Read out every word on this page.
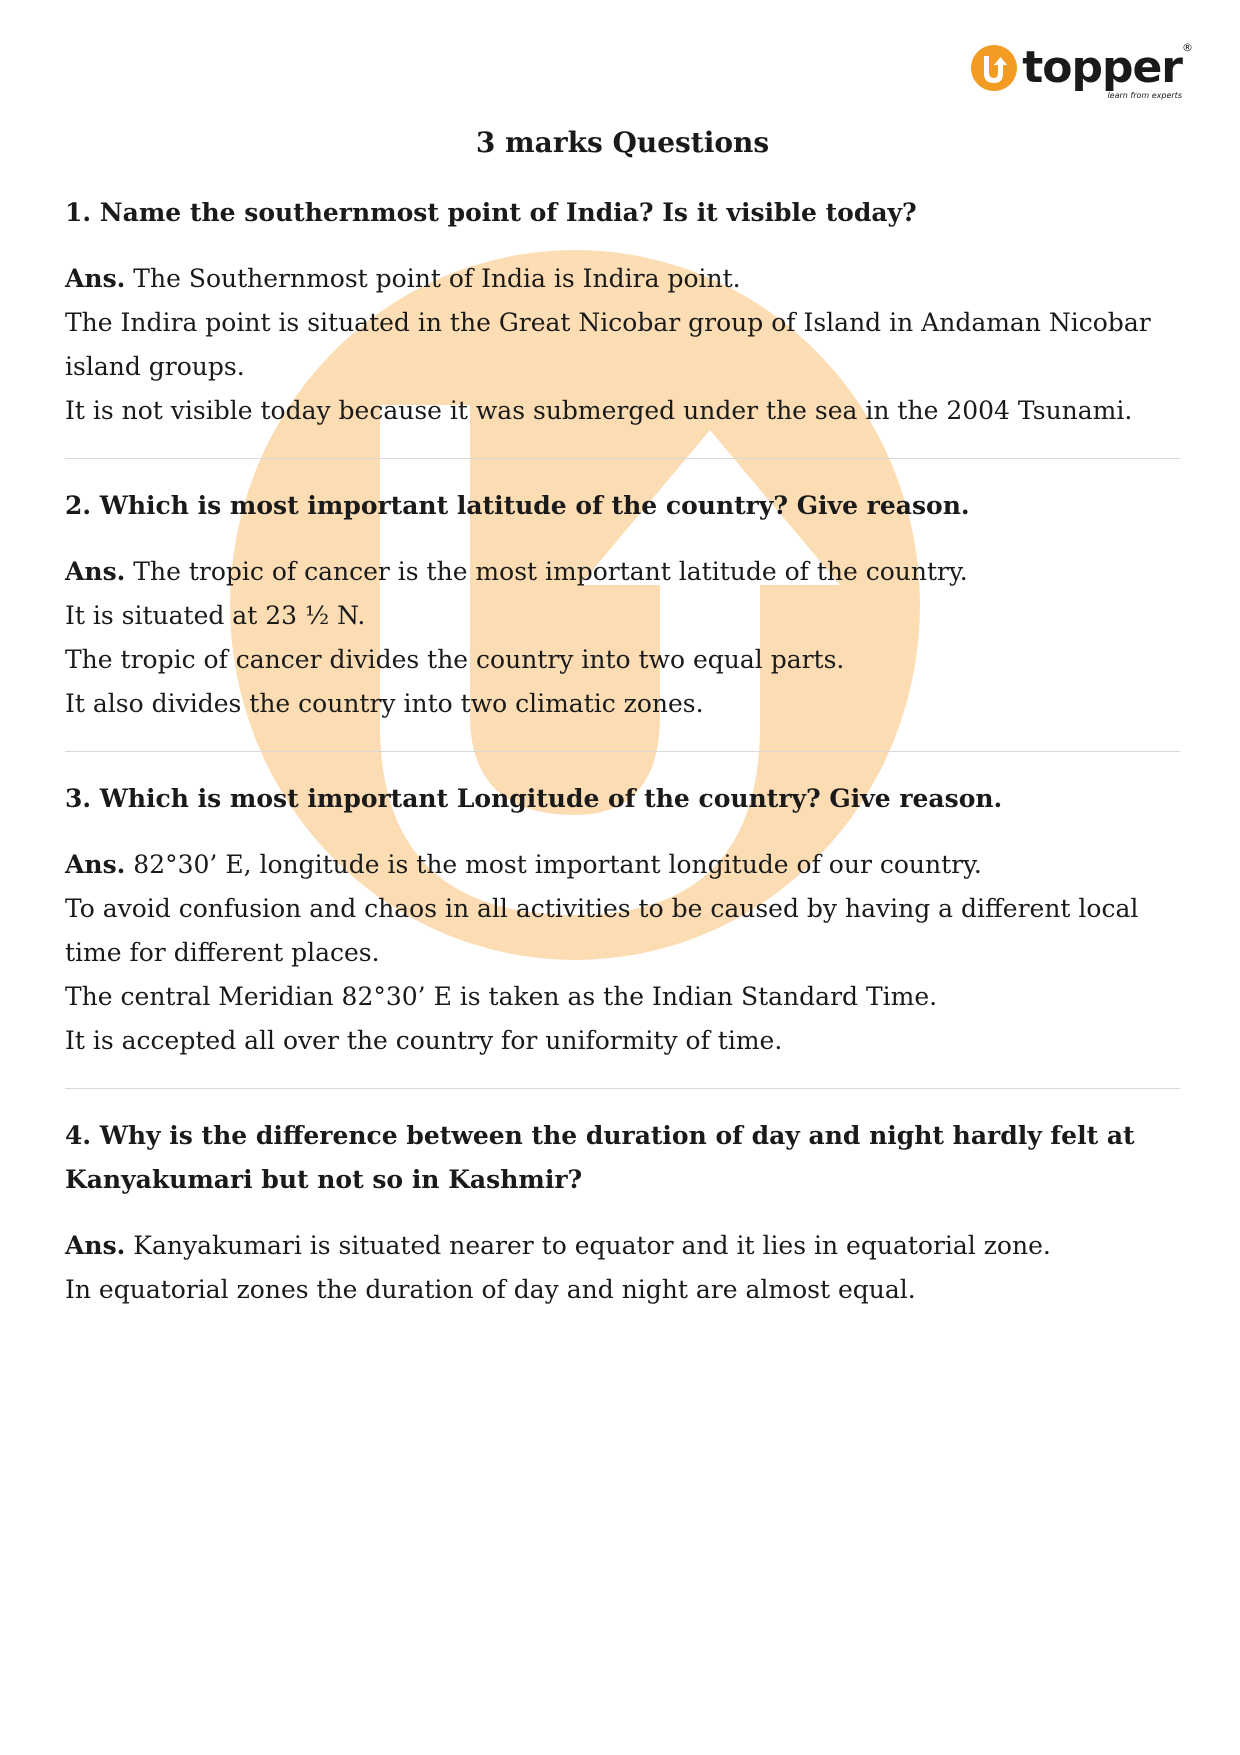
topper ®
learn from experts
3 marks Questions
1. Name the southernmost point of India? Is it visible today?

Ans. The Southernmost point of India is Indira point.

The Indira point is situated in the Great Nicobar group of Island in Andaman Nicobar island groups.

It is not visible today because it was submerged under the sea in the 2004 Tsunami.

2. Which is most important latitude of the country? Give reason.

Ans. The tropic of cancer is the most important latitude of the country.

It is situated at 23 ½ N.

The tropic of cancer divides the country into two equal parts.

It also divides the country into two climatic zones.

3. Which is most important Longitude of the country? Give reason.

Ans. 82°30’ E, longitude is the most important longitude of our country.

To avoid confusion and chaos in all activities to be caused by having a different local time for different places.

The central Meridian 82°30’ E is taken as the Indian Standard Time.

It is accepted all over the country for uniformity of time.

4. Why is the difference between the duration of day and night hardly felt at Kanyakumari but not so in Kashmir?

Ans. Kanyakumari is situated nearer to equator and it lies in equatorial zone.

In equatorial zones the duration of day and night are almost equal.
